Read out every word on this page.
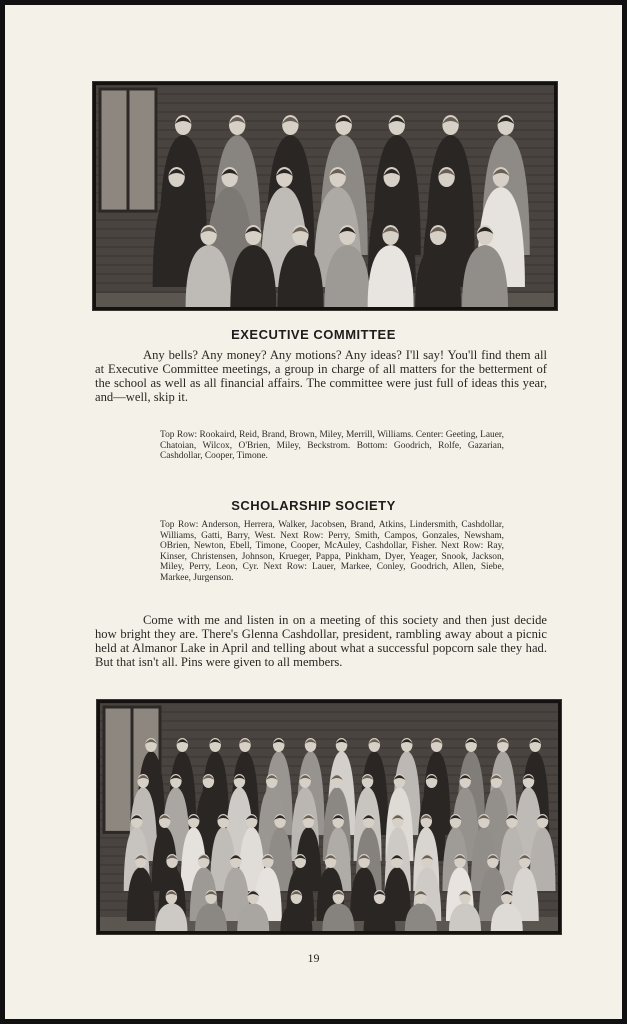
EXECUTIVE COMMITTEE
Any bells? Any money? Any motions? Any ideas? I'll say! You'll find them all at Executive Committee meetings, a group in charge of all matters for the betterment of the school as well as all financial affairs. The committee were just full of ideas this year, and—well, skip it.
Top Row: Rookaird, Reid, Brand, Brown, Miley, Merrill, Williams. Center: Geeting, Lauer, Chatoian, Wilcox, O'Brien, Miley, Beckstrom. Bottom: Goodrich, Rolfe, Gazarian, Cashdollar, Cooper, Timone.
SCHOLARSHIP SOCIETY
Top Row: Anderson, Herrera, Walker, Jacobsen, Brand, Atkins, Lindersmith, Cashdollar, Williams, Gatti, Barry, West. Next Row: Perry, Smith, Campos, Gonzales, Newsham, OBrien, Newton, Ebell, Timone, Cooper, McAuley, Cashdollar, Fisher. Next Row: Ray, Kinser, Christensen, Johnson, Krueger, Pappa, Pinkham, Dyer, Yeager, Snook, Jackson, Miley, Perry, Leon, Cyr. Next Row: Lauer, Markee, Conley, Goodrich, Allen, Siebe, Markee, Jurgenson.
Come with me and listen in on a meeting of this society and then just decide how bright they are. There's Glenna Cashdollar, president, rambling away about a picnic held at Almanor Lake in April and telling about what a successful popcorn sale they had. But that isn't all. Pins were given to all members.
19
